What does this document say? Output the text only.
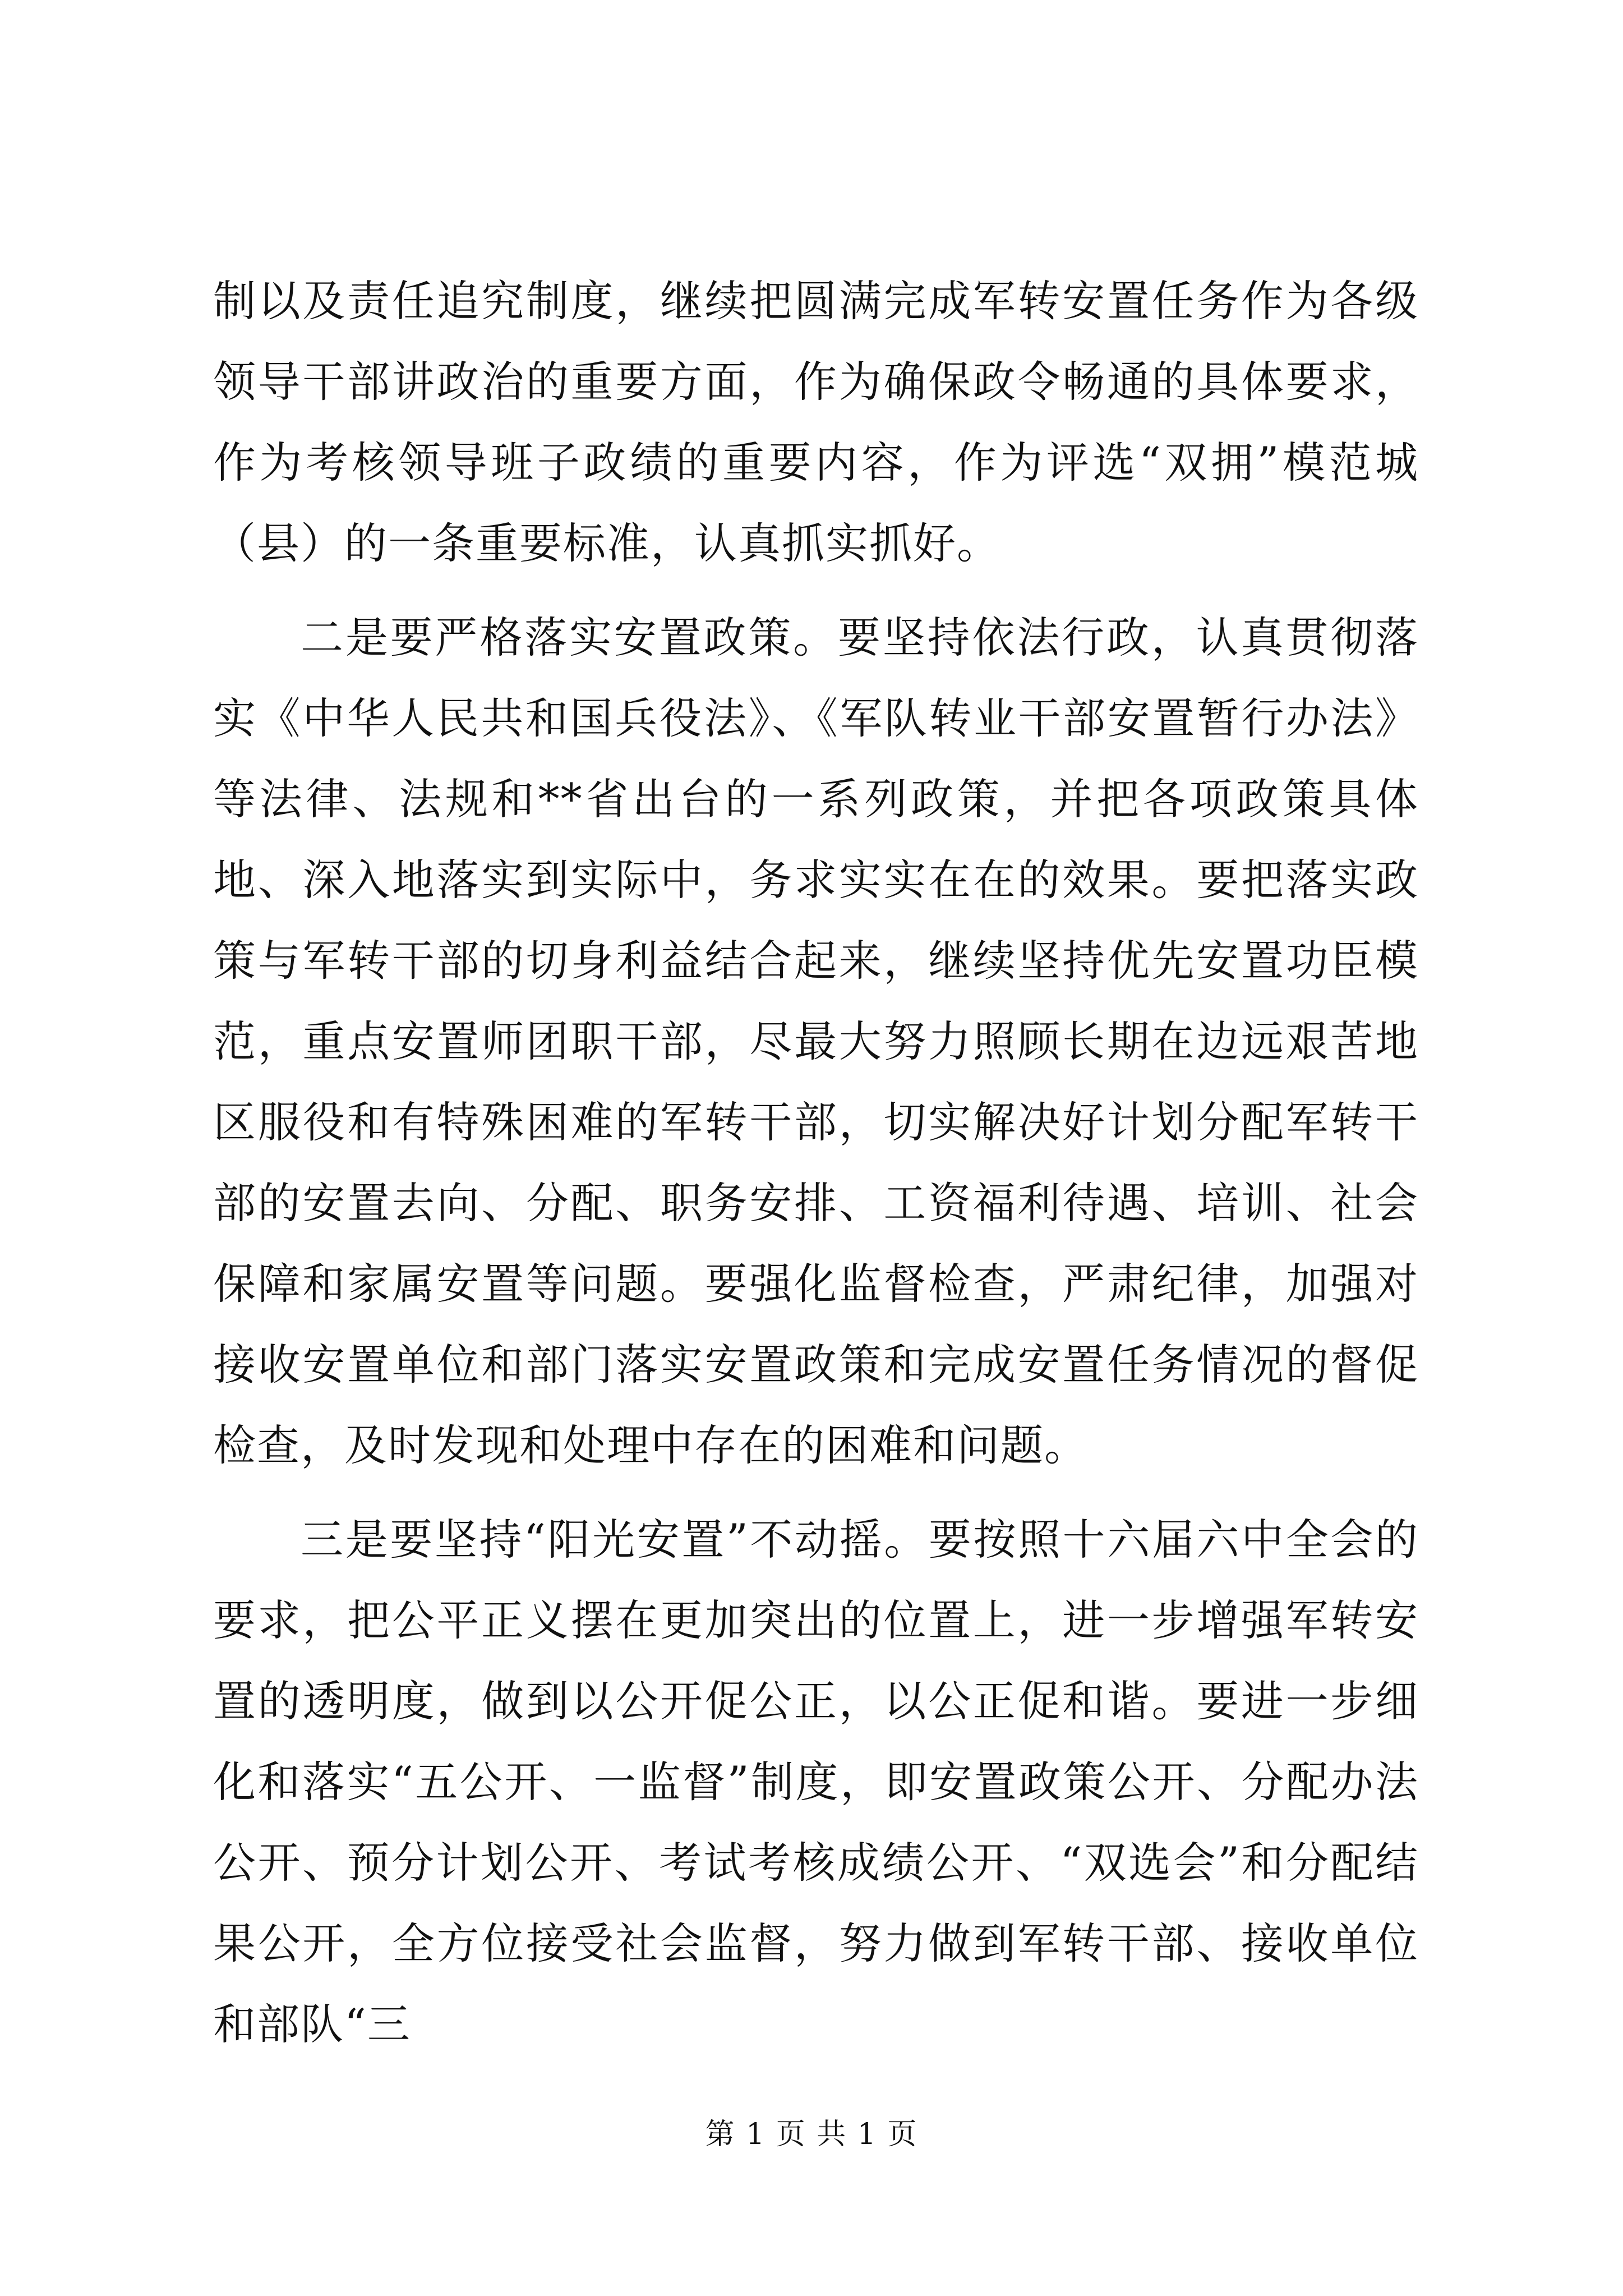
制以及责任追究制度，继续把圆满完成军转安置任务作为各级领导干部讲政治的重要方面，作为确保政令畅通的具体要求，作为考核领导班子政绩的重要内容，作为评选“双拥”模范城（县）的一条重要标准，认真抓实抓好。

二是要严格落实安置政策。要坚持依法行政，认真贯彻落实《中华人民共和国兵役法》、《军队转业干部安置暂行办法》等法律、法规和**省出台的一系列政策，并把各项政策具体地、深入地落实到实际中，务求实实在在的效果。要把落实政策与军转干部的切身利益结合起来，继续坚持优先安置功臣模范，重点安置师团职干部，尽最大努力照顾长期在边远艰苦地区服役和有特殊困难的军转干部，切实解决好计划分配军转干部的安置去向、分配、职务安排、工资福利待遇、培训、社会保障和家属安置等问题。要强化监督检查，严肃纪律，加强对接收安置单位和部门落实安置政策和完成安置任务情况的督促检查，及时发现和处理中存在的困难和问题。

三是要坚持“阳光安置”不动摇。要按照十六届六中全会的要求，把公平正义摆在更加突出的位置上，进一步增强军转安置的透明度，做到以公开促公正，以公正促和谐。要进一步细化和落实“五公开、一监督”制度，即安置政策公开、分配办法公开、预分计划公开、考试考核成绩公开、“双选会”和分配结果公开，全方位接受社会监督，努力做到军转干部、接收单位和部队“三

第 1 页 共 1 页
